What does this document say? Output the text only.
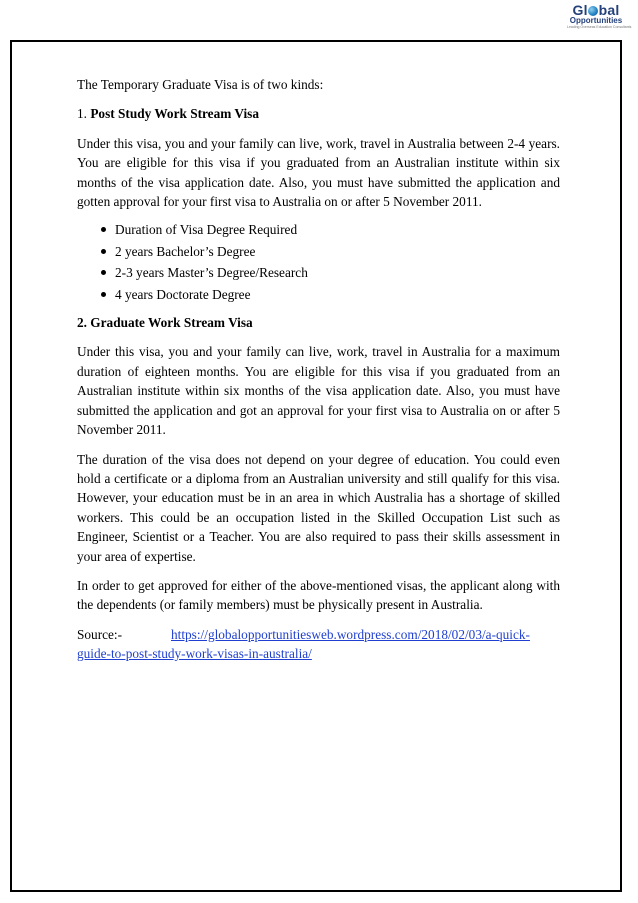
Gl bal
Opportunities
Leading Overseas Education Consultants

The Temporary Graduate Visa is of two kinds:

1. Post Study Work Stream Visa

Under this visa, you and your family can live, work, travel in Australia between 2-4 years. You are eligible for this visa if you graduated from an Australian institute within six months of the visa application date. Also, you must have submitted the application and gotten approval for your first visa to Australia on or after 5 November 2011.

Duration of Visa Degree Required
2 years Bachelor’s Degree
2-3 years Master’s Degree/Research
4 years Doctorate Degree

2. Graduate Work Stream Visa

Under this visa, you and your family can live, work, travel in Australia for a maximum duration of eighteen months. You are eligible for this visa if you graduated from an Australian institute within six months of the visa application date. Also, you must have submitted the application and got an approval for your first visa to Australia on or after 5 November 2011.

The duration of the visa does not depend on your degree of education. You could even hold a certificate or a diploma from an Australian university and still qualify for this visa. However, your education must be in an area in which Australia has a shortage of skilled workers. This could be an occupation listed in the Skilled Occupation List such as Engineer, Scientist or a Teacher. You are also required to pass their skills assessment in your area of expertise.

In order to get approved for either of the above-mentioned visas, the applicant along with the dependents (or family members) must be physically present in Australia.

Source:-	https://globalopportunitiesweb.wordpress.com/2018/02/03/a-quick-guide-to-post-study-work-visas-in-australia/
